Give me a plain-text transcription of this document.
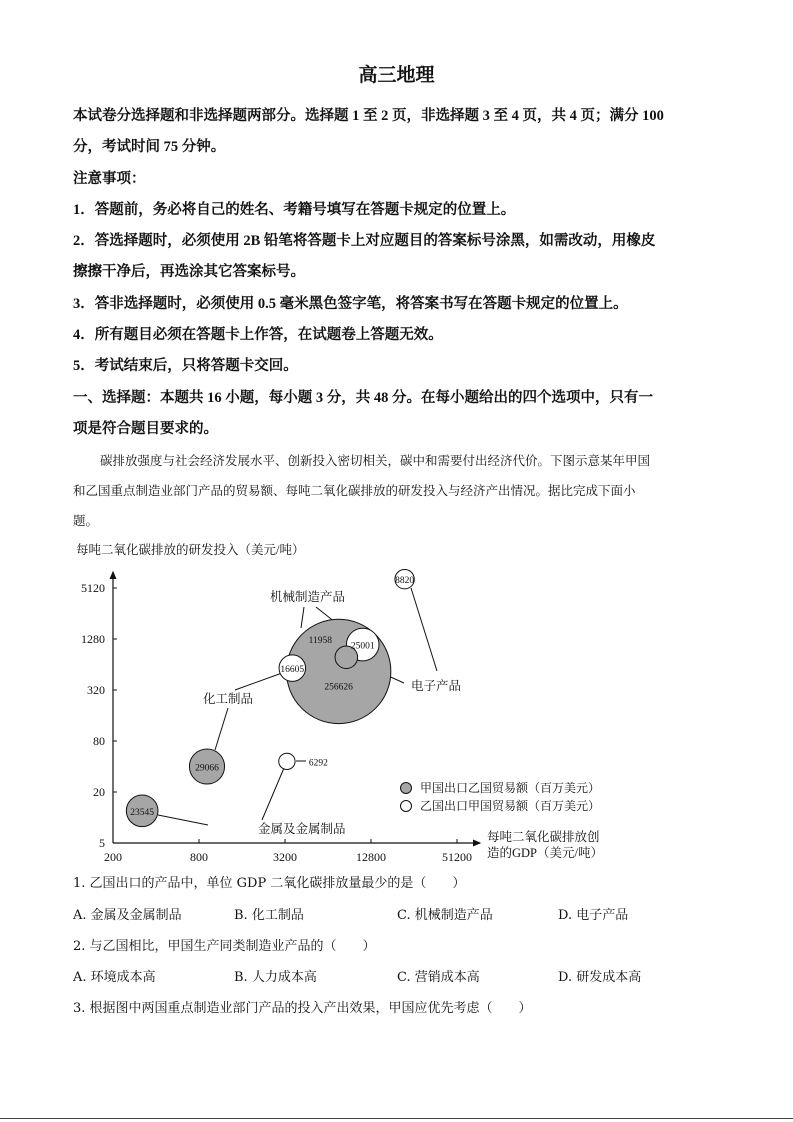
高三地理
本试卷分选择题和非选择题两部分。选择题 1 至 2 页，非选择题 3 至 4 页，共 4 页；满分 100
分，考试时间 75 分钟。
注意事项：
1．答题前，务必将自己的姓名、考籍号填写在答题卡规定的位置上。
2．答选择题时，必须使用 2B 铅笔将答题卡上对应题目的答案标号涂黑，如需改动，用橡皮
擦擦干净后，再选涂其它答案标号。
3．答非选择题时，必须使用 0.5 毫米黑色签字笔，将答案书写在答题卡规定的位置上。
4．所有题目必须在答题卡上作答，在试题卷上答题无效。
5．考试结束后，只将答题卡交回。
一、选择题：本题共 16 小题，每小题 3 分，共 48 分。在每小题给出的四个选项中，只有一
项是符合题目要求的。
碳排放强度与社会经济发展水平、创新投入密切相关，碳中和需要付出经济代价。下图示意某年甲国
和乙国重点制造业部门产品的贸易额、每吨二氧化碳排放的研发投入与经济产出情况。据比完成下面小
题。
每吨二氧化碳排放的研发投入（美元/吨）
5
20
80
320
1280
5120
200	800	3200	12800	51200
256626
29066
25001
23545
16605
11958
8820
6292
金属及金属制品
化工制品
机械制造产品
电子产品
甲国出口乙国贸易额（百万美元）
乙国出口甲国贸易额（百万美元）
每吨二氧化碳排放创
造的GDP（美元/吨）
1. 乙国出口的产品中，单位 GDP 二氧化碳排放量最少的是（　　）
A. 金属及金属制品	B. 化工制品	C. 机械制造产品	D. 电子产品
2. 与乙国相比，甲国生产同类制造业产品的（　　）
A. 环境成本高	B. 人力成本高	C. 营销成本高	D. 研发成本高
3. 根据图中两国重点制造业部门产品的投入产出效果，甲国应优先考虑（　　）
